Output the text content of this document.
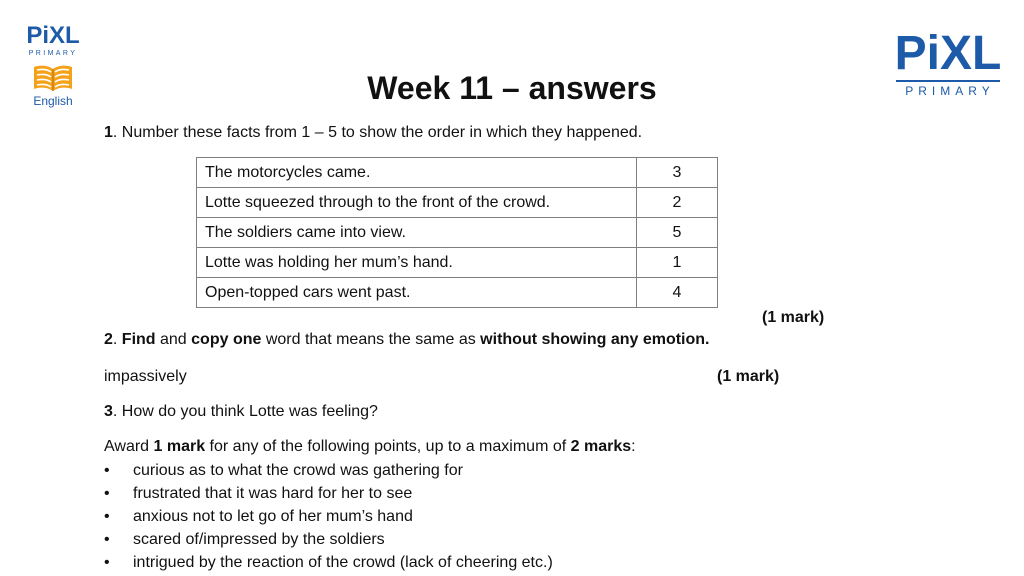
PiXL
PRIMARY
English
PiXL
PRIMARY
Week 11 – answers
1. Number these facts from 1 – 5 to show the order in which they happened.
The motorcycles came.	3
Lotte squeezed through to the front of the crowd.	2
The soldiers came into view.	5
Lotte was holding her mum’s hand.	1
Open-topped cars went past.	4
(1 mark)
2. Find and copy one word that means the same as without showing any emotion.
impassively	(1 mark)
3. How do you think Lotte was feeling?
Award 1 mark for any of the following points, up to a maximum of 2 marks:
• curious as to what the crowd was gathering for
• frustrated that it was hard for her to see
• anxious not to let go of her mum’s hand
• scared of/impressed by the soldiers
• intrigued by the reaction of the crowd (lack of cheering etc.)
